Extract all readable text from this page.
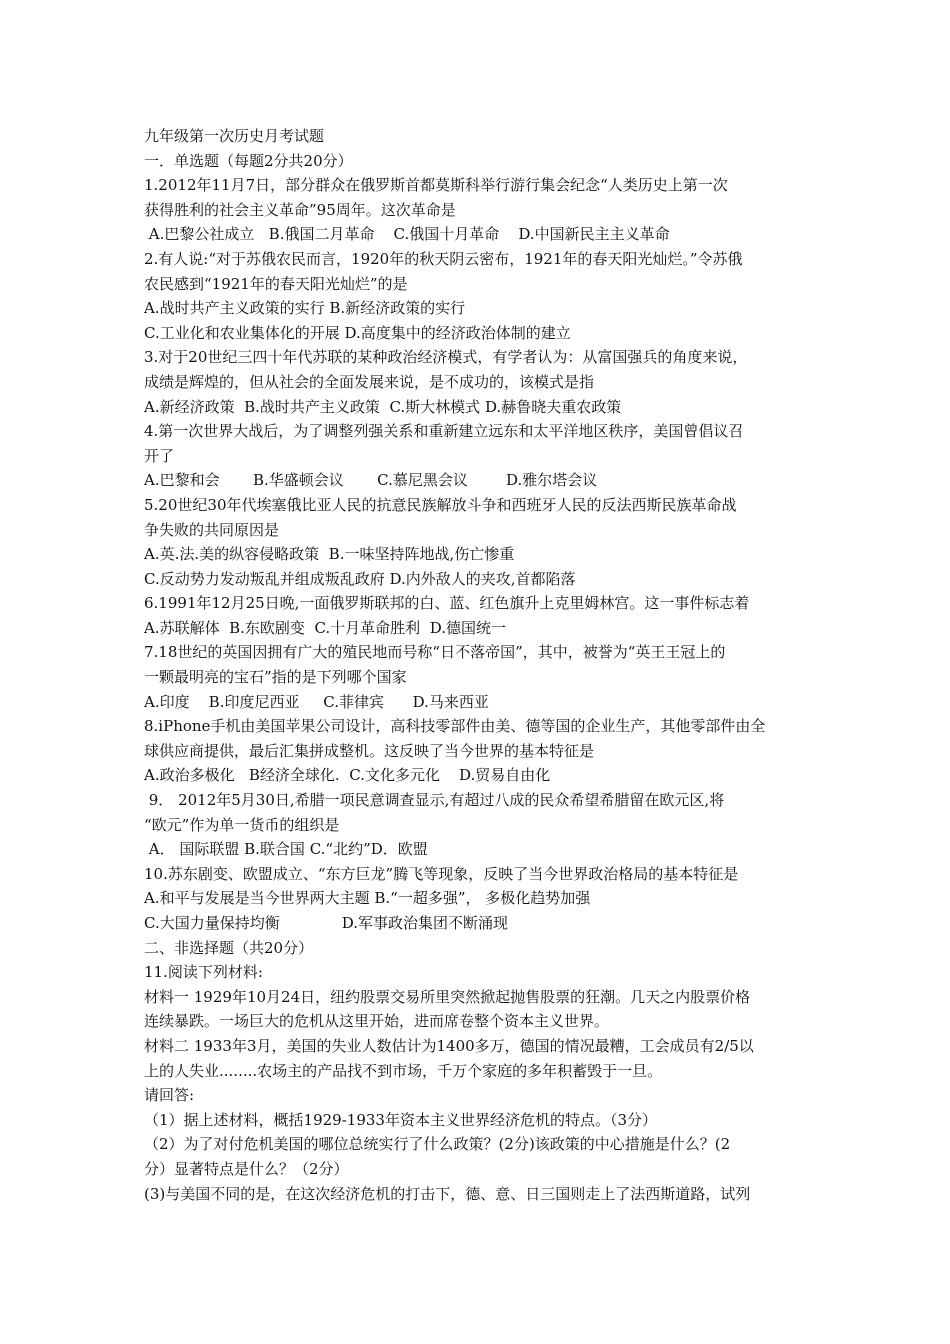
九年级第一次历史月考试题
一．单选题（每题2分共20分）
1.2012年11月7日，部分群众在俄罗斯首都莫斯科举行游行集会纪念“人类历史上第一次
获得胜利的社会主义革命”95周年。这次革命是
A.巴黎公社成立   B.俄国二月革命    C.俄国十月革命    D.中国新民主主义革命
2.有人说:“对于苏俄农民而言，1920年的秋天阴云密布，1921年的春天阳光灿烂。”令苏俄
农民感到“1921年的春天阳光灿烂”的是
A.战时共产主义政策的实行 B.新经济政策的实行
C.工业化和农业集体化的开展 D.高度集中的经济政治体制的建立
3.对于20世纪三四十年代苏联的某种政治经济模式，有学者认为：从富国强兵的角度来说，
成绩是辉煌的，但从社会的全面发展来说，是不成功的，该模式是指
A.新经济政策  B.战时共产主义政策  C.斯大林模式 D.赫鲁晓夫重农政策
4.第一次世界大战后，为了调整列强关系和重新建立远东和太平洋地区秩序，美国曾倡议召
开了
A.巴黎和会       B.华盛顿会议       C.慕尼黑会议        D.雅尔塔会议
5.20世纪30年代埃塞俄比亚人民的抗意民族解放斗争和西班牙人民的反法西斯民族革命战
争失败的共同原因是
A.英.法.美的纵容侵略政策  B.一味坚持阵地战,伤亡惨重
C.反动势力发动叛乱并组成叛乱政府 D.内外敌人的夹攻,首都陷落
6.1991年12月25日晚,一面俄罗斯联邦的白、蓝、红色旗升上克里姆林宫。这一事件标志着
A.苏联解体  B.东欧剧变  C.十月革命胜利  D.德国统一
7.18世纪的英国因拥有广大的殖民地而号称“日不落帝国”，其中，被誉为“英王王冠上的
一颗最明亮的宝石”指的是下列哪个国家
A.印度    B.印度尼西亚     C.菲律宾      D.马来西亚
8.iPhone手机由美国苹果公司设计，高科技零部件由美、德等国的企业生产，其他零部件由全
球供应商提供，最后汇集拼成整机。这反映了当今世界的基本特征是
A.政治多极化   B经济全球化.  C.文化多元化    D.贸易自由化
9． 2012年5月30日,希腊一项民意调查显示,有超过八成的民众希望希腊留在欧元区,将
“欧元”作为单一货币的组织是
A． 国际联盟 B.联合国 C.“北约”D．欧盟
10.苏东剧变、欧盟成立、“东方巨龙”腾飞等现象，反映了当今世界政治格局的基本特征是
A.和平与发展是当今世界两大主题 B.“一超多强”， 多极化趋势加强
C.大国力量保持均衡             D.军事政治集团不断涌现
二、非选择题（共20分）
11.阅读下列材料:
材料一 1929年10月24日，纽约股票交易所里突然掀起抛售股票的狂潮。几天之内股票价格
连续暴跌。一场巨大的危机从这里开始，进而席卷整个资本主义世界。
材料二 1933年3月，美国的失业人数估计为1400多万，德国的情况最糟，工会成员有2/5以
上的人失业........农场主的产品找不到市场，千万个家庭的多年积蓄毁于一旦。
请回答:
（1）据上述材料，概括1929-1933年资本主义世界经济危机的特点。（3分）
（2）为了对付危机美国的哪位总统实行了什么政策？(2分)该政策的中心措施是什么？(2
分）显著特点是什么？（2分）
(3)与美国不同的是，在这次经济危机的打击下，德、意、日三国则走上了法西斯道路，试列
